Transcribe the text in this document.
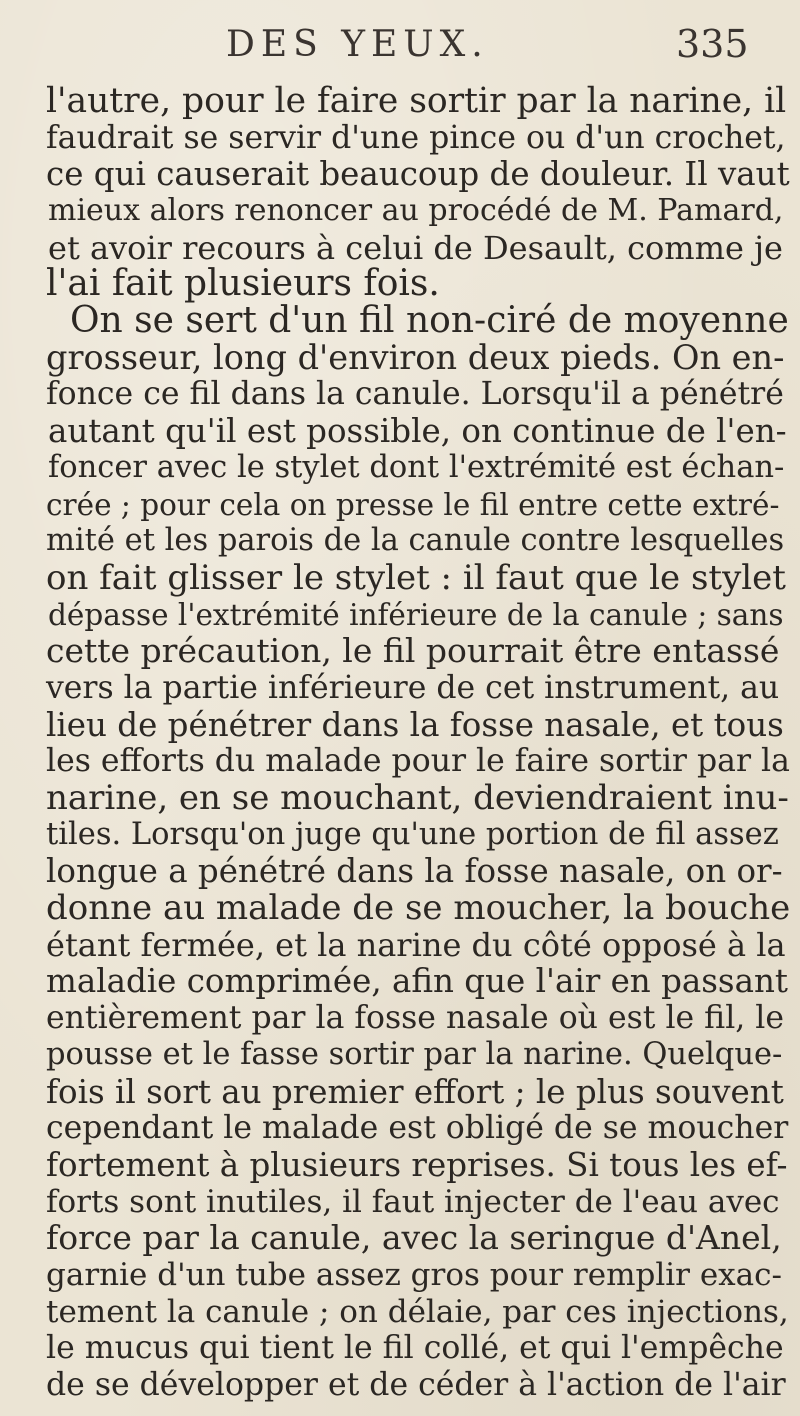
DES YEUX.	335
l'autre, pour le faire sortir par la narine, il
faudrait se servir d'une pince ou d'un crochet,
ce qui causerait beaucoup de douleur. Il vaut
mieux alors renoncer au procédé de M. Pamard,
et avoir recours à celui de Desault, comme je
l'ai fait plusieurs fois.
On se sert d'un fil non-ciré de moyenne
grosseur, long d'environ deux pieds. On en-
fonce ce fil dans la canule. Lorsqu'il a pénétré
autant qu'il est possible, on continue de l'en-
foncer avec le stylet dont l'extrémité est échan-
crée ; pour cela on presse le fil entre cette extré-
mité et les parois de la canule contre lesquelles
on fait glisser le stylet : il faut que le stylet
dépasse l'extrémité inférieure de la canule ; sans
cette précaution, le fil pourrait être entassé
vers la partie inférieure de cet instrument, au
lieu de pénétrer dans la fosse nasale, et tous
les efforts du malade pour le faire sortir par la
narine, en se mouchant, deviendraient inu-
tiles. Lorsqu'on juge qu'une portion de fil assez
longue a pénétré dans la fosse nasale, on or-
donne au malade de se moucher, la bouche
étant fermée, et la narine du côté opposé à la
maladie comprimée, afin que l'air en passant
entièrement par la fosse nasale où est le fil, le
pousse et le fasse sortir par la narine. Quelque-
fois il sort au premier effort ; le plus souvent
cependant le malade est obligé de se moucher
fortement à plusieurs reprises. Si tous les ef-
forts sont inutiles, il faut injecter de l'eau avec
force par la canule, avec la seringue d'Anel,
garnie d'un tube assez gros pour remplir exac-
tement la canule ; on délaie, par ces injections,
le mucus qui tient le fil collé, et qui l'empêche
de se développer et de céder à l'action de l'air
